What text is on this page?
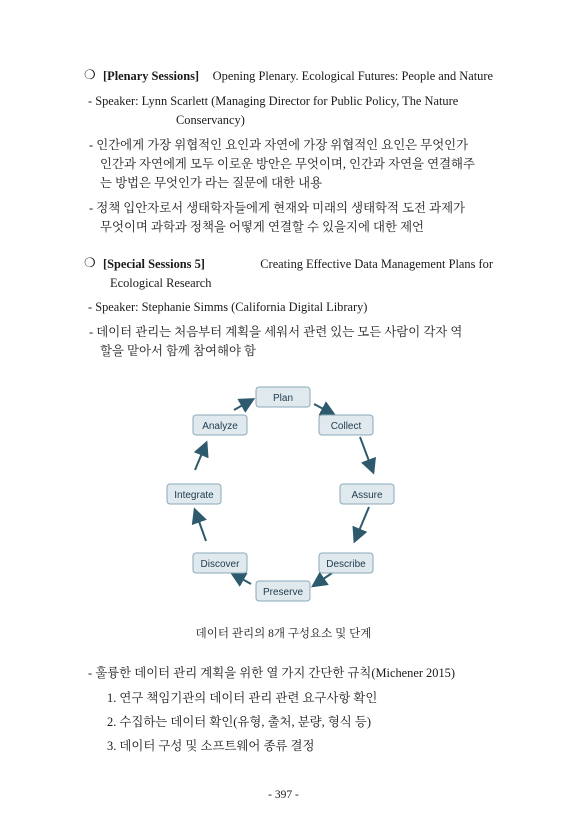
❍ [Plenary Sessions] Opening Plenary. Ecological Futures: People and Nature
- Speaker: Lynn Scarlett (Managing Director for Public Policy, The Nature
Conservancy)
- 인간에게 가장 위협적인 요인과 자연에 가장 위협적인 요인은 무엇인가
인간과 자연에게 모두 이로운 방안은 무엇이며, 인간과 자연을 연결해주
는 방법은 무엇인가 라는 질문에 대한 내용
- 정책 입안자로서 생태학자들에게 현재와 미래의 생태학적 도전 과제가
무엇이며 과학과 정책을 어떻게 연결할 수 있을지에 대한 제언
❍ [Special Sessions 5]	Creating Effective Data Management Plans for
Ecological Research
- Speaker: Stephanie Simms (California Digital Library)
- 데이터 관리는 처음부터 계획을 세워서 관련 있는 모든 사람이 각자 역
할을 맡아서 함께 참여해야 함
Plan
Collect
Assure
Describe
Preserve
Discover
Integrate
Analyze
데이터 관리의 8개 구성요소 및 단계
- 훌륭한 데이터 관리 계획을 위한 열 가지 간단한 규칙(Michener 2015)
1. 연구 책임기관의 데이터 관리 관련 요구사항 확인
2. 수집하는 데이터 확인(유형, 출처, 분량, 형식 등)
3. 데이터 구성 및 소프트웨어 종류 결정
- 397 -
